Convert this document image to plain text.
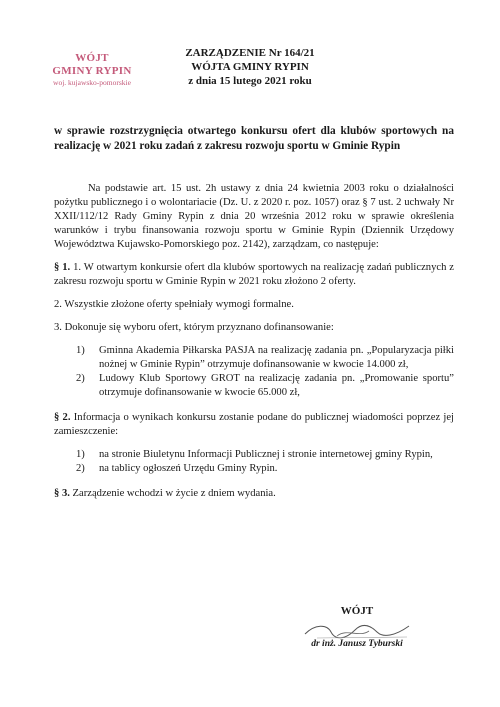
WÓJT
GMINY RYPIN
woj. kujawsko-pomorskie
ZARZĄDZENIE Nr 164/21
WÓJTA GMINY RYPIN
z dnia 15 lutego 2021 roku
w sprawie rozstrzygnięcia otwartego konkursu ofert dla klubów sportowych na realizację w 2021 roku zadań z zakresu rozwoju sportu w Gminie Rypin

Na podstawie art. 15 ust. 2h ustawy z dnia 24 kwietnia 2003 roku o działalności pożytku publicznego i o wolontariacie (Dz. U. z 2020 r. poz. 1057) oraz § 7 ust. 2 uchwały Nr XXII/112/12 Rady Gminy Rypin z dnia 20 września 2012 roku w sprawie określenia warunków i trybu finansowania rozwoju sportu w Gminie Rypin (Dziennik Urzędowy Województwa Kujawsko-Pomorskiego poz. 2142), zarządzam, co następuje:

§ 1. 1. W otwartym konkursie ofert dla klubów sportowych na realizację zadań publicznych z zakresu rozwoju sportu w Gminie Rypin w 2021 roku złożono 2 oferty.

2. Wszystkie złożone oferty spełniały wymogi formalne.

3. Dokonuje się wyboru ofert, którym przyznano dofinansowanie:

1) Gminna Akademia Piłkarska PASJA na realizację zadania pn. „Popularyzacja piłki nożnej w Gminie Rypin” otrzymuje dofinansowanie w kwocie 14.000 zł,
2) Ludowy Klub Sportowy GROT na realizację zadania pn. „Promowanie sportu” otrzymuje dofinansowanie w kwocie 65.000 zł,

§ 2. Informacja o wynikach konkursu zostanie podane do publicznej wiadomości poprzez jej zamieszczenie:

1) na stronie Biuletynu Informacji Publicznej i stronie internetowej gminy Rypin,
2) na tablicy ogłoszeń Urzędu Gminy Rypin.

§ 3. Zarządzenie wchodzi w życie z dniem wydania.

WÓJT
dr inż. Janusz Tyburski
